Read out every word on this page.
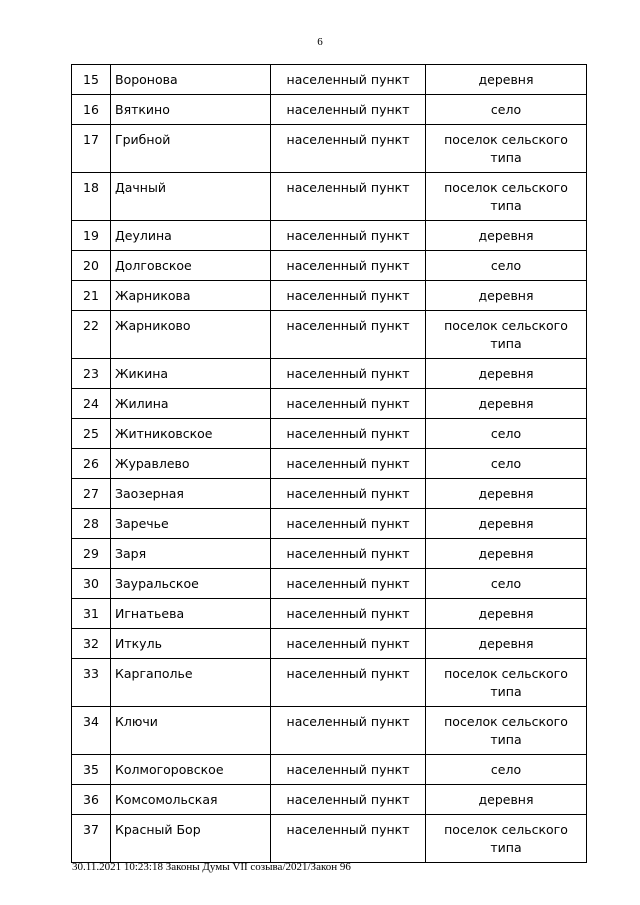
6
15	Воронова	населенный пункт	деревня
16	Вяткино	населенный пункт	село
17	Грибной	населенный пункт	поселок сельского типа
18	Дачный	населенный пункт	поселок сельского типа
19	Деулина	населенный пункт	деревня
20	Долговское	населенный пункт	село
21	Жарникова	населенный пункт	деревня
22	Жарниково	населенный пункт	поселок сельского типа
23	Жикина	населенный пункт	деревня
24	Жилина	населенный пункт	деревня
25	Житниковское	населенный пункт	село
26	Журавлево	населенный пункт	село
27	Заозерная	населенный пункт	деревня
28	Заречье	населенный пункт	деревня
29	Заря	населенный пункт	деревня
30	Зауральское	населенный пункт	село
31	Игнатьева	населенный пункт	деревня
32	Иткуль	населенный пункт	деревня
33	Каргаполье	населенный пункт	поселок сельского типа
34	Ключи	населенный пункт	поселок сельского типа
35	Колмогоровское	населенный пункт	село
36	Комсомольская	населенный пункт	деревня
37	Красный Бор	населенный пункт	поселок сельского типа
30.11.2021 10:23:18 Законы Думы VII созыва/2021/Закон 96
